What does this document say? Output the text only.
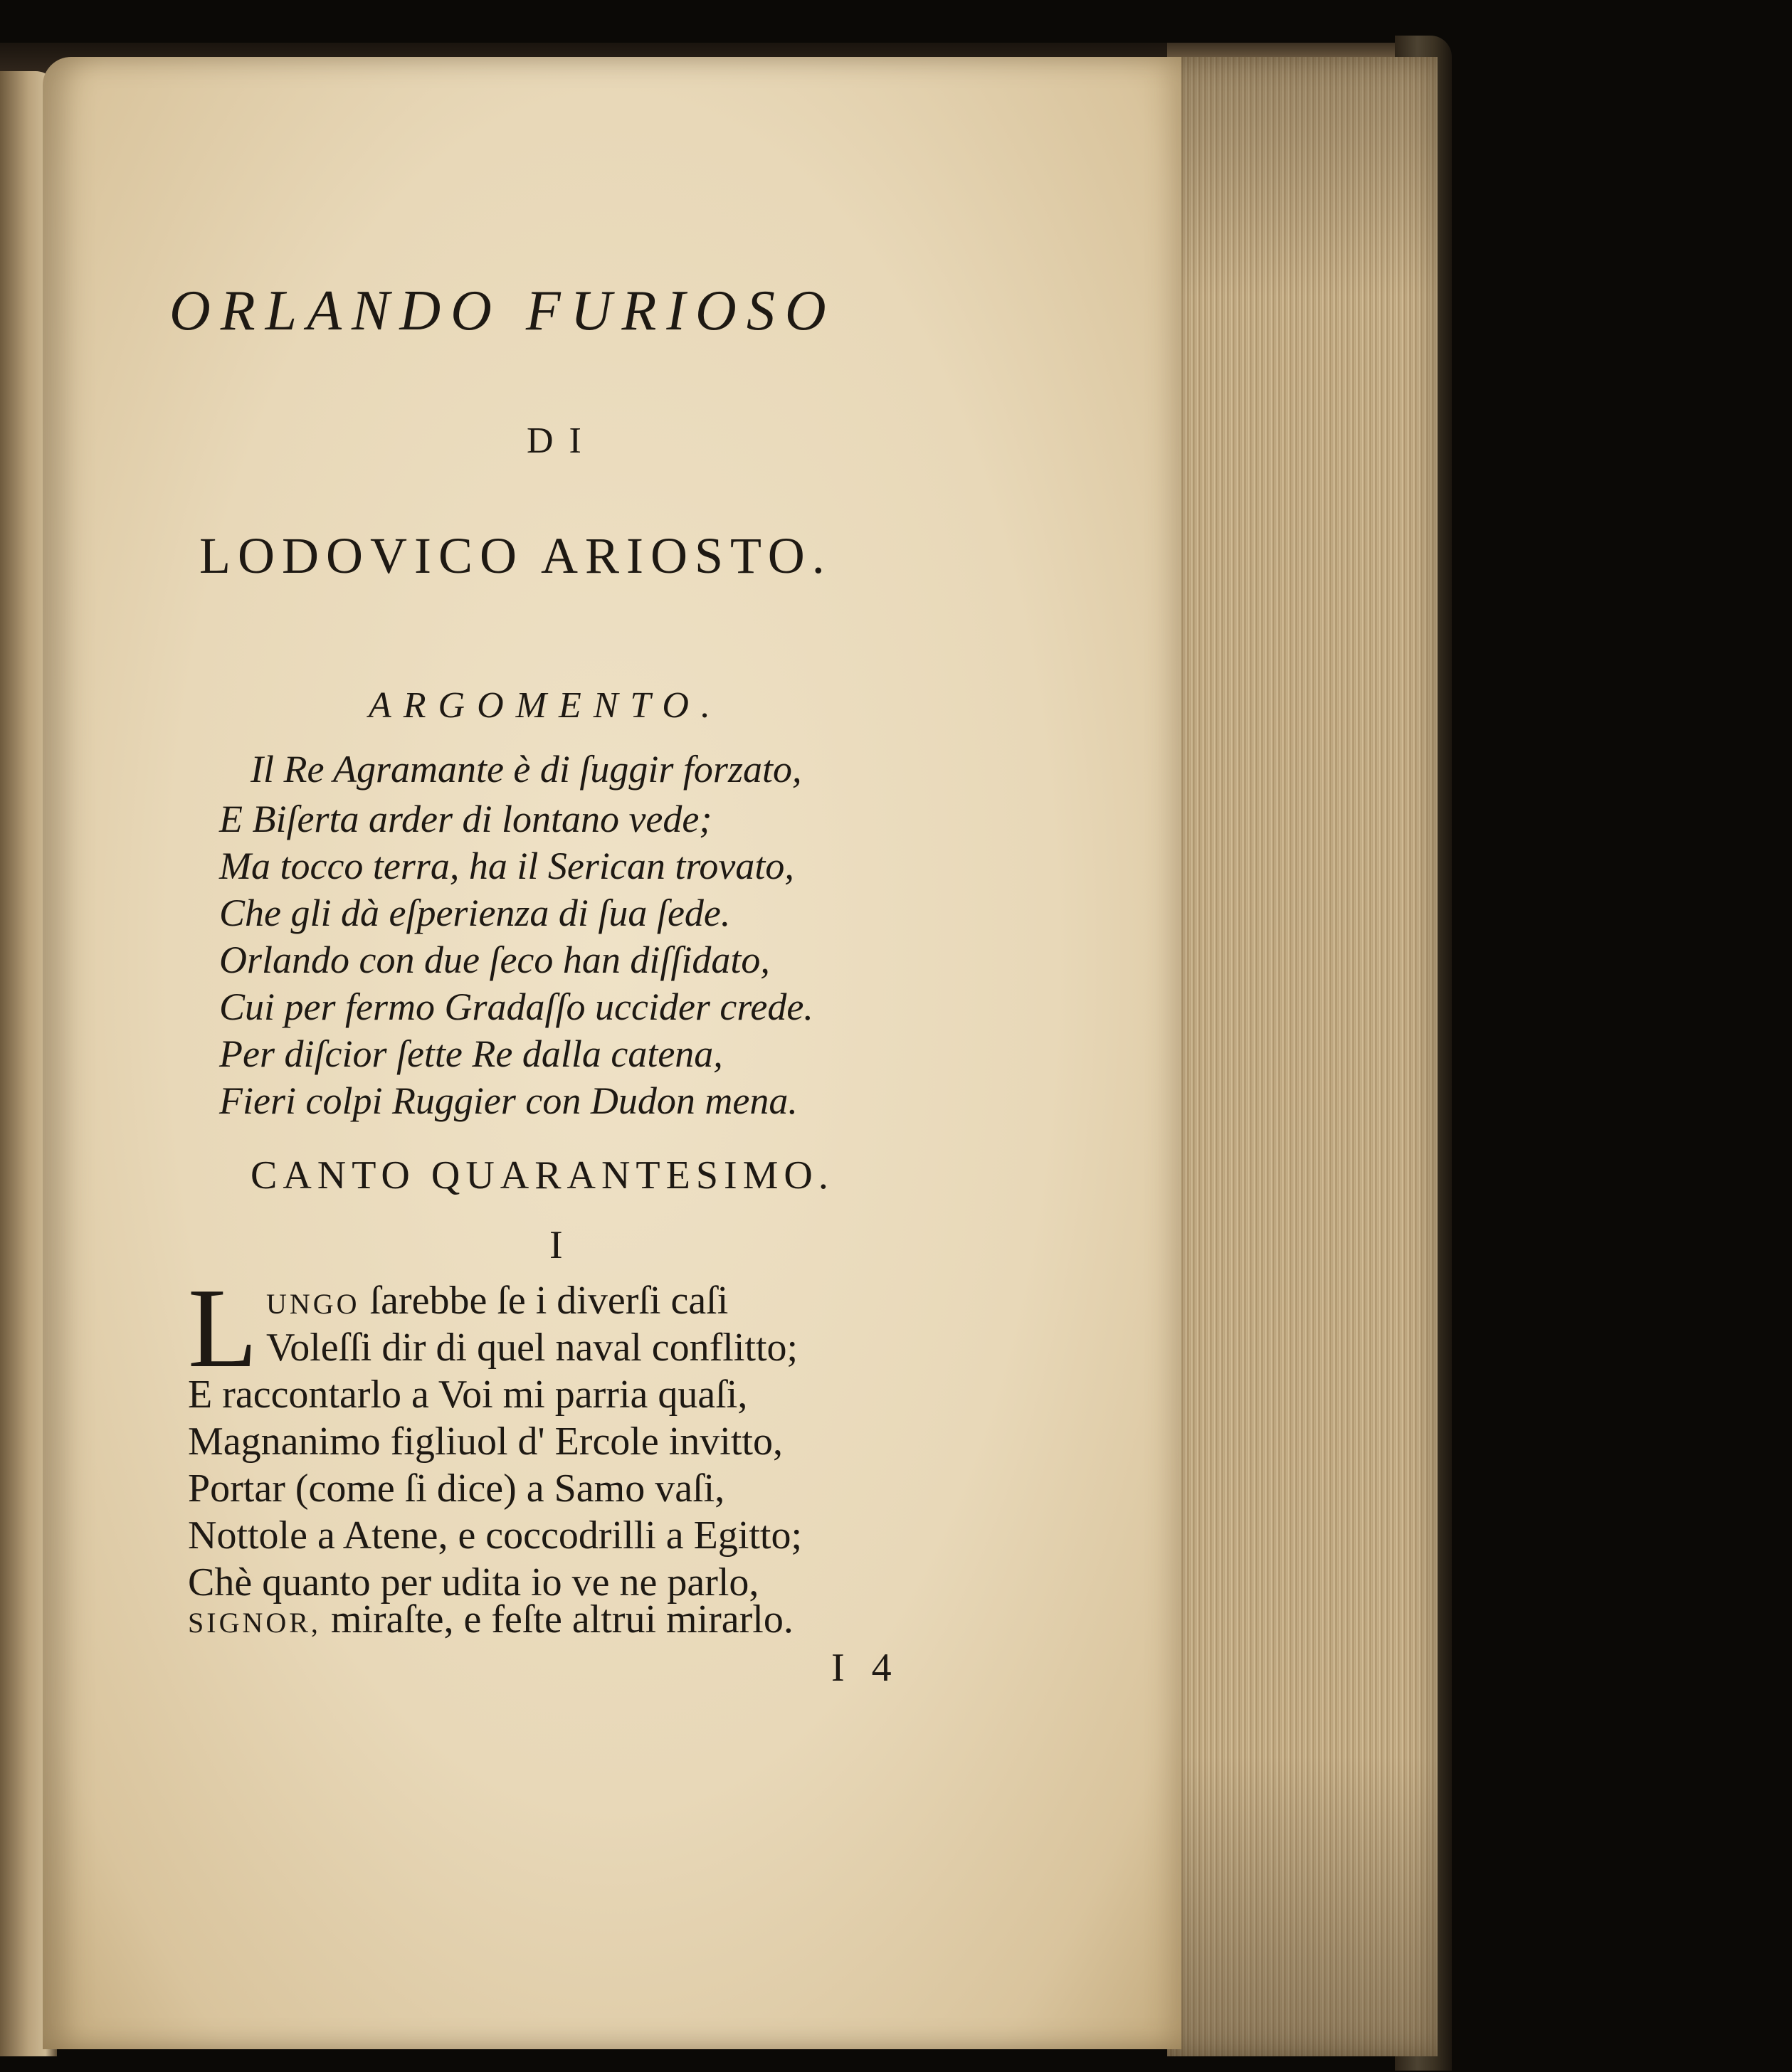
ORLANDO FURIOSO
DI
LODOVICO ARIOSTO.
ARGOMENTO.
Il Re Agramante è di ſuggir forzato,
E Biſerta arder di lontano vede;
Ma tocco terra, ha il Serican trovato,
Che gli dà eſperienza di ſua ſede.
Orlando con due ſeco han diſſidato,
Cui per fermo Gradaſſo uccider crede.
Per diſcior ſette Re dalla catena,
Fieri colpi Ruggier con Dudon mena.
CANTO QUARANTESIMO.
I
L UNGO ſarebbe ſe i diverſi caſi
Voleſſi dir di quel naval conflitto;
E raccontarlo a Voi mi parria quaſi,
Magnanimo figliuol d' Ercole invitto,
Portar (come ſi dice) a Samo vaſi,
Nottole a Atene, e coccodrilli a Egitto;
Chè quanto per udita io ve ne parlo,
SIGNOR, miraſte, e feſte altrui mirarlo.
I 4
